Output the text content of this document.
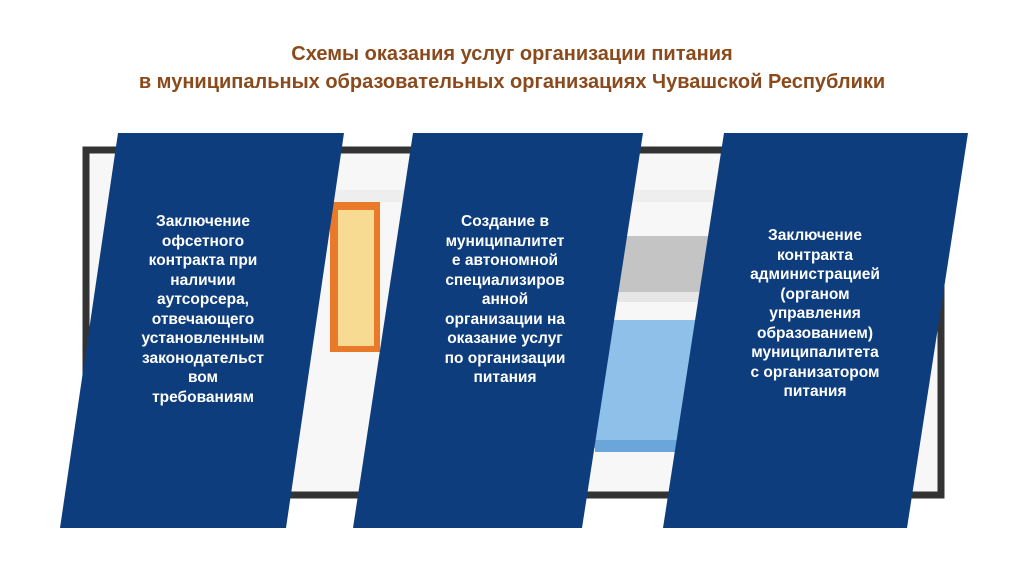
Схемы оказания услуг организации питания
в муниципальных образовательных организациях Чувашской Республики
Заключение
офсетного
контракта при
наличии
аутсорсера,
отвечающего
установленным
законодательст
вом
требованиям
Создание в
муниципалитет
е автономной
специализиров
анной
организации на
оказание услуг
по организации
питания
Заключение
контракта
администрацией
(органом
управления
образованием)
муниципалитета
с организатором
питания
